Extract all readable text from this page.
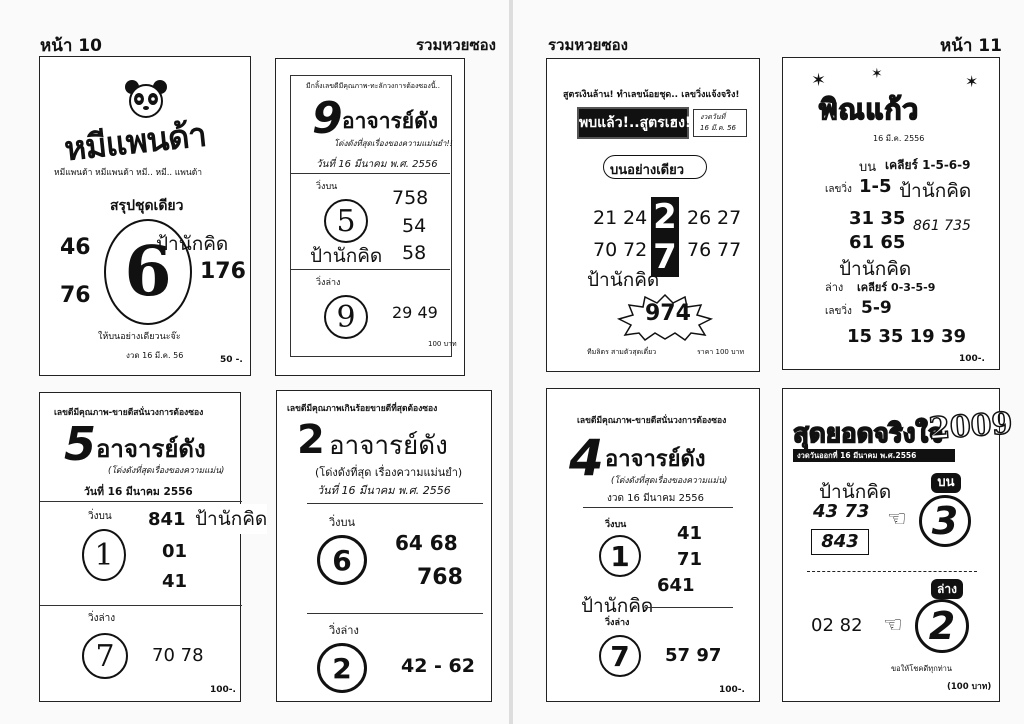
หน้า 10	รวมหวยซอง	รวมหวยซอง	หน้า 11
หมีแพนด้า
หมีแพนด้า หมีแพนด้า หมี.. หมี.. แพนด้า
สรุปชุดเดียว
6
46
76
176
ป้านักคิด
ให้บนอย่างเดียวนะจ๊ะ
งวด 16 มี.ค. 56	50 -.
มีกลิ้งเลขดีมีคุณภาพ-ทะลักวงการต้องซองนี้..
9 อาจารย์ดัง
โด่งดังที่สุดเรื่องของความแม่นยำ!!
วันที่ 16 มีนาคม พ.ศ. 2556
วิ่งบน
5
758
54
58
ป้านักคิด
วิ่งล่าง
9 29 49
100 บาท
สูตรเงินล้าน! ทำเลขน้อยชุด.. เลขวิ่งแจ้งจริง!
พบแล้ว!..สูตรเฮง! งวดวันที่
16 มี.ค. 56
บนอย่างเดียว
21 24 2 26 27
70 72 7 76 77
ป้านักคิด
974
ทีมลิตร สามตัวสุดเดี๋ยว	ราคา 100 บาท
✶	✶	✶
พิณแก้ว
16 มี.ค. 2556
บน เคลียร์ 1-5-6-9
เลขวิ่ง 1-5 ป้านักคิด
31 35
61 65
861 735
ป้านักคิด
ล่าง เคลียร์ 0-3-5-9
เลขวิ่ง 5-9
15 35 19 39
100-.
เลขดีมีคุณภาพ-ขายดีสนั่นวงการต้องซอง
5 อาจารย์ดัง
(โด่งดังที่สุดเรื่องของความแม่น)
วันที่ 16 มีนาคม 2556
วิ่งบน
1
841
01
41
วิ่งล่าง
7 70 78
100-.
ป้านักคิด
เลขดีมีคุณภาพเกินร้อยขายดีที่สุดต้องซอง
2 อาจารย์ดัง
(โด่งดังที่สุด เรื่องความแม่นยำ)
วันที่ 16 มีนาคม พ.ศ. 2556
วิ่งบน
6
64 68
768
วิ่งล่าง
2	42 - 62
เลขดีมีคุณภาพ-ขายดีสนั่นวงการต้องซอง
4 อาจารย์ดัง
(โด่งดังที่สุดเรื่องของความแม่น)
งวด 16 มีนาคม 2556
วิ่งบน
1
41
71
641
ป้านักคิด
วิ่งล่าง
7 57 97
100-.
สุดยอดจริงใจ
2009
งวดวันออกที่ 16 มีนาคม พ.ศ.2556
ป้านักคิด
43 73
843
☜
บน
3
ล่าง
2
☜
02 82
ขอให้โชคดีทุกท่าน
(100 บาท)
